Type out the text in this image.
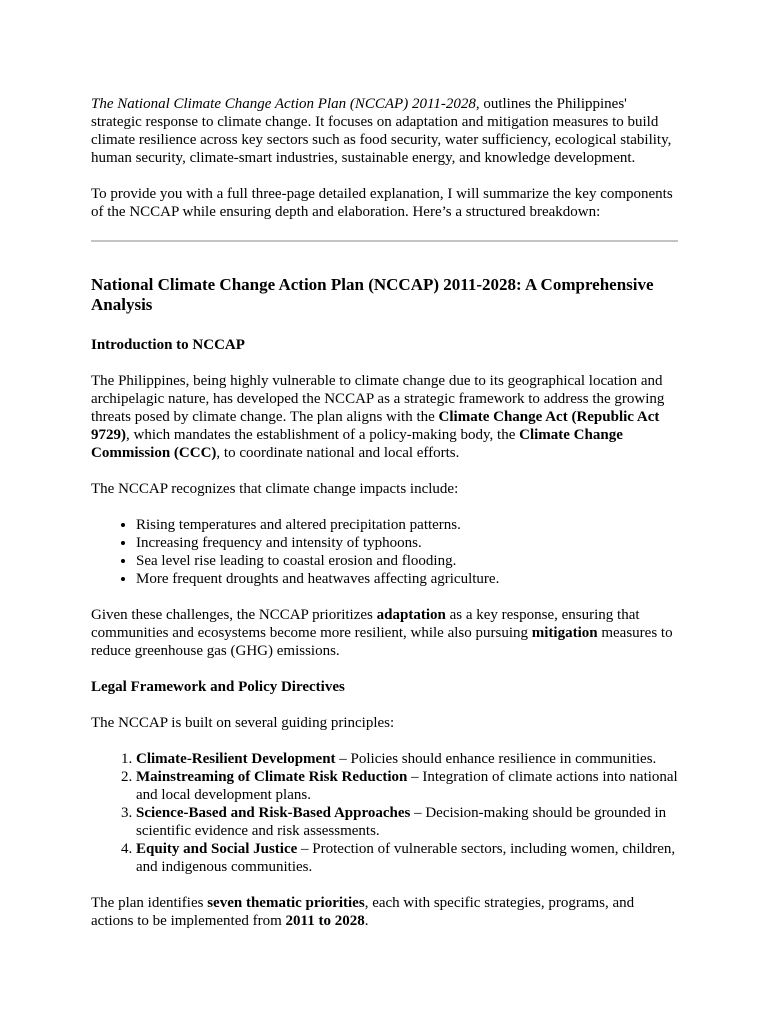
The National Climate Change Action Plan (NCCAP) 2011-2028, outlines the Philippines' strategic response to climate change. It focuses on adaptation and mitigation measures to build climate resilience across key sectors such as food security, water sufficiency, ecological stability, human security, climate-smart industries, sustainable energy, and knowledge development.

To provide you with a full three-page detailed explanation, I will summarize the key components of the NCCAP while ensuring depth and elaboration. Here’s a structured breakdown:

National Climate Change Action Plan (NCCAP) 2011-2028: A Comprehensive Analysis
Introduction to NCCAP

The Philippines, being highly vulnerable to climate change due to its geographical location and archipelagic nature, has developed the NCCAP as a strategic framework to address the growing threats posed by climate change. The plan aligns with the Climate Change Act (Republic Act 9729), which mandates the establishment of a policy-making body, the Climate Change Commission (CCC), to coordinate national and local efforts.

The NCCAP recognizes that climate change impacts include:

• Rising temperatures and altered precipitation patterns.
• Increasing frequency and intensity of typhoons.
• Sea level rise leading to coastal erosion and flooding.
• More frequent droughts and heatwaves affecting agriculture.

Given these challenges, the NCCAP prioritizes adaptation as a key response, ensuring that communities and ecosystems become more resilient, while also pursuing mitigation measures to reduce greenhouse gas (GHG) emissions.

Legal Framework and Policy Directives

The NCCAP is built on several guiding principles:

1. Climate-Resilient Development – Policies should enhance resilience in communities.
2. Mainstreaming of Climate Risk Reduction – Integration of climate actions into national and local development plans.
3. Science-Based and Risk-Based Approaches – Decision-making should be grounded in scientific evidence and risk assessments.
4. Equity and Social Justice – Protection of vulnerable sectors, including women, children, and indigenous communities.

The plan identifies seven thematic priorities, each with specific strategies, programs, and actions to be implemented from 2011 to 2028.
